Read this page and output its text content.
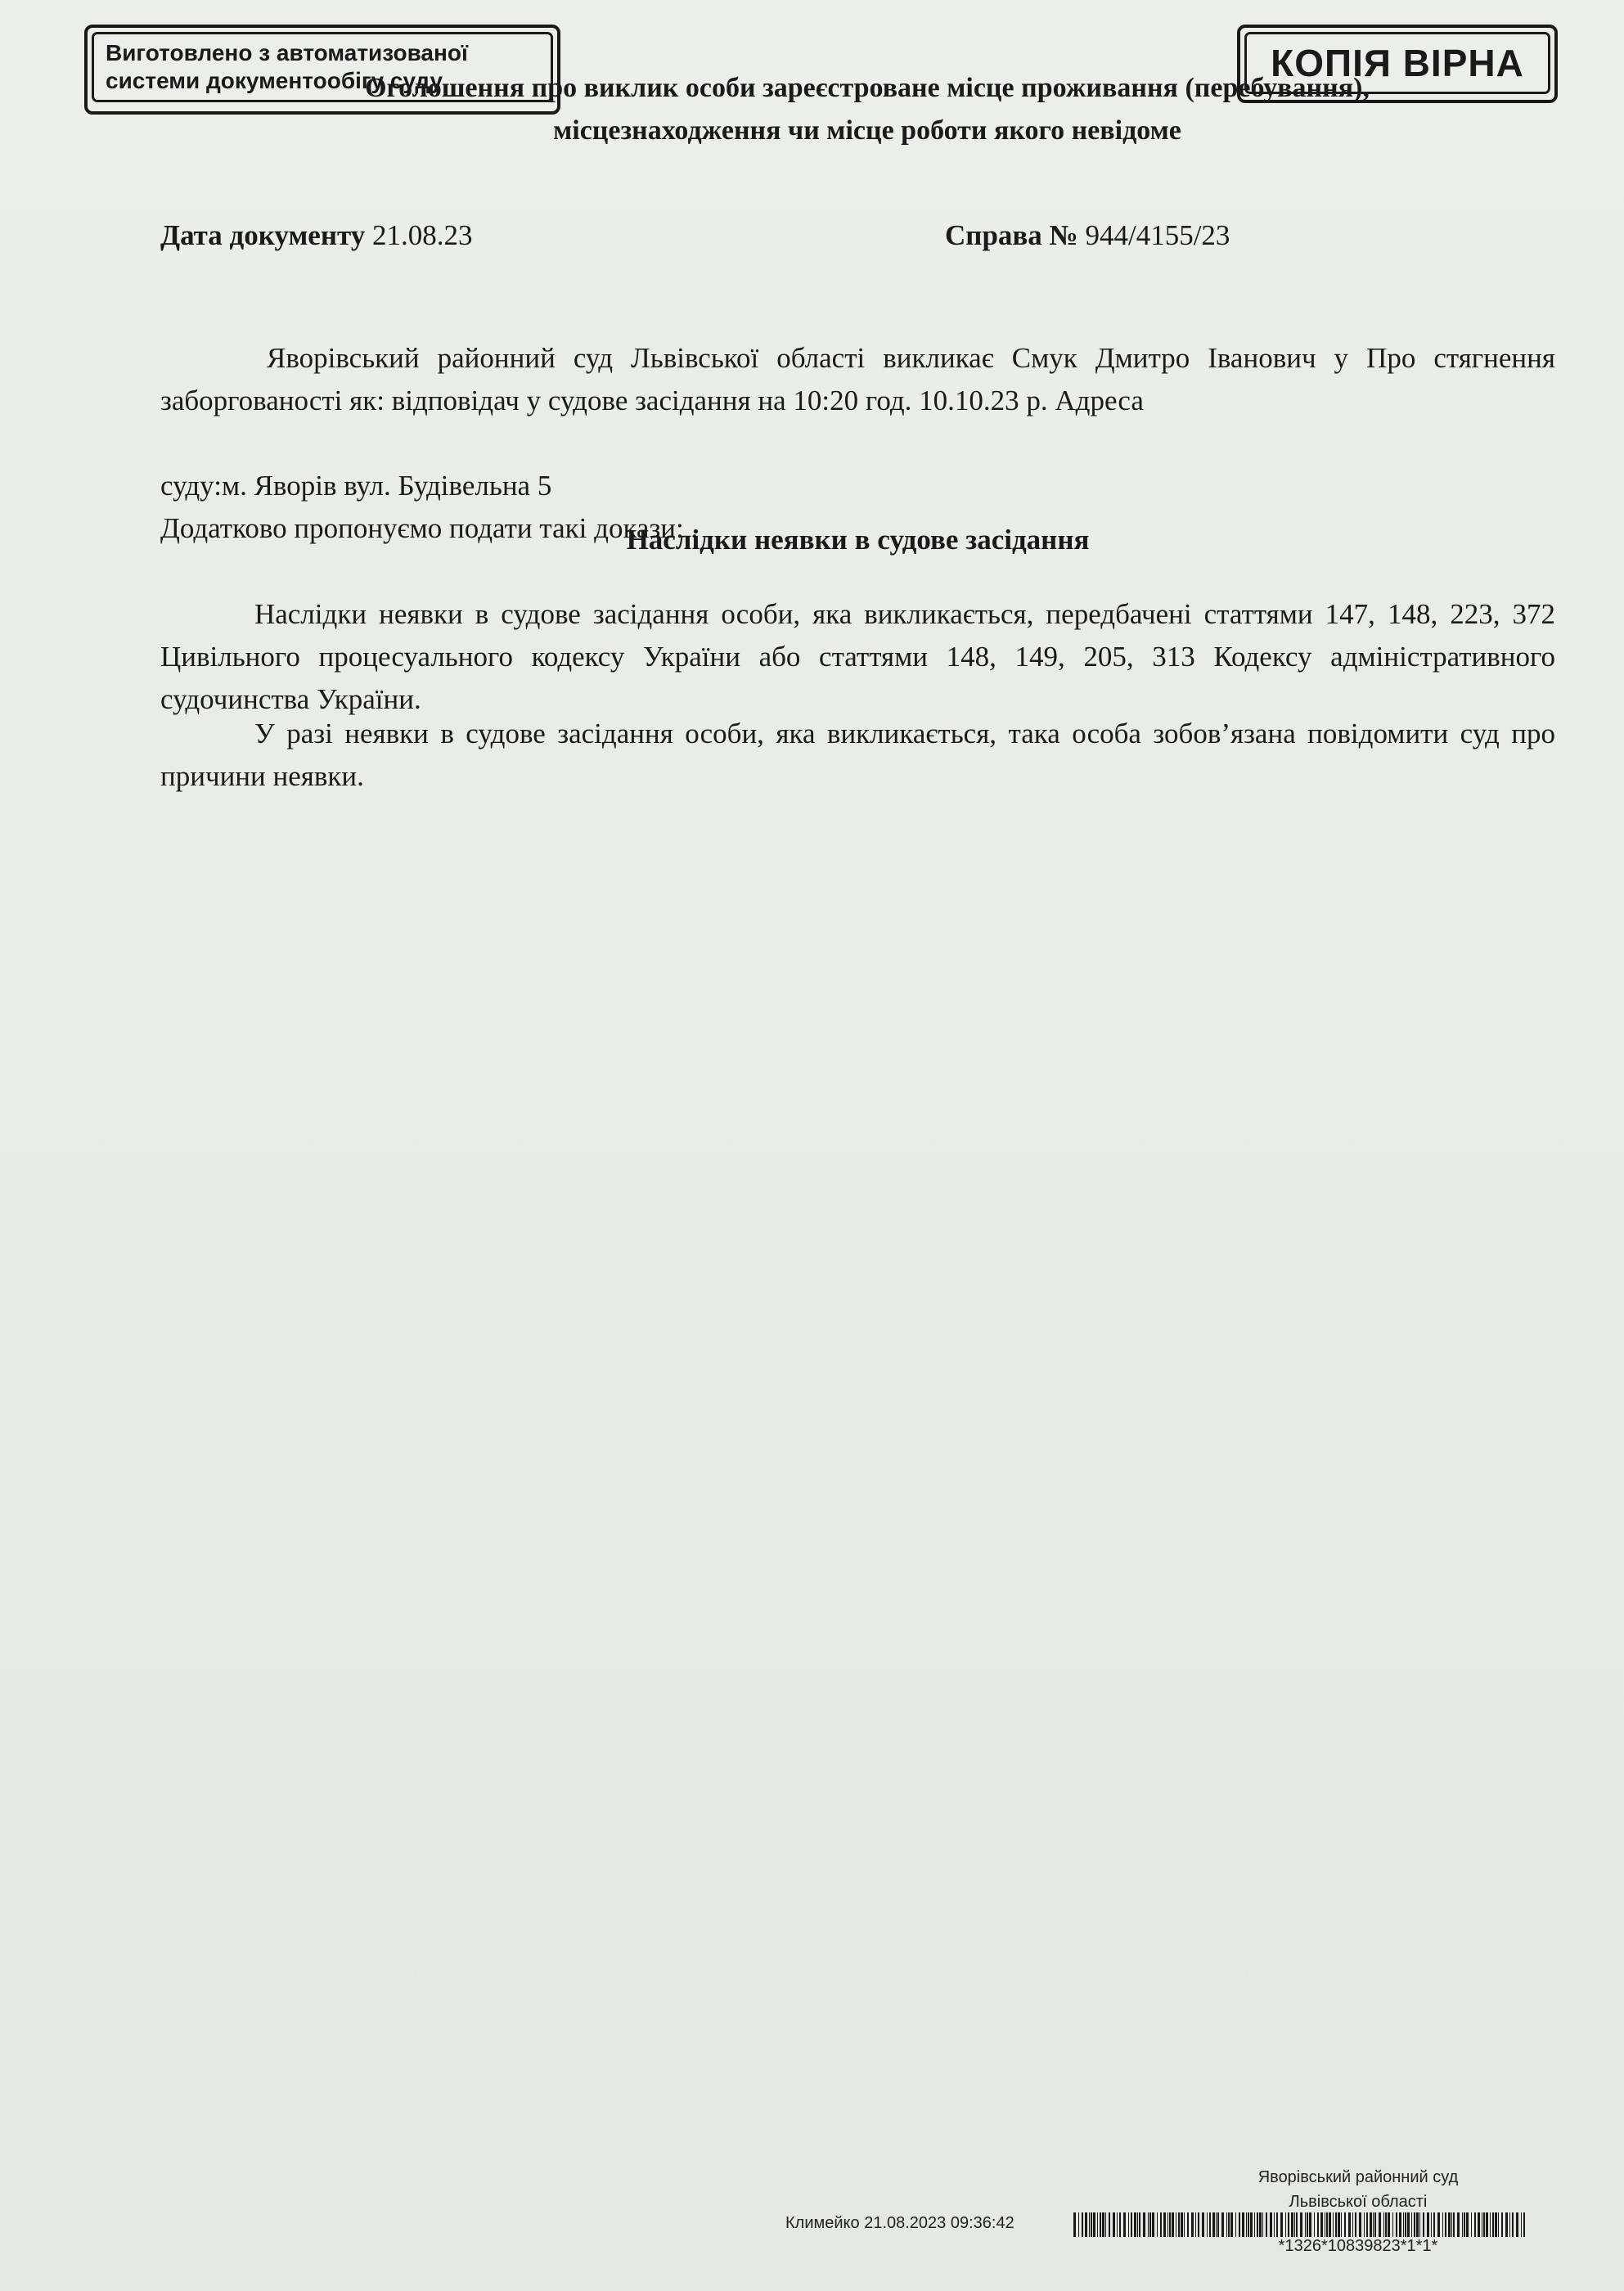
Виготовлено з автоматизованої
системи документообігу суду	КОПІЯ ВІРНА
Оголошення про виклик особи зареєстроване місце проживання (перебування),
місцезнаходження чи місце роботи якого невідоме
Дата документу 21.08.23	Справа № 944/4155/23
Яворівський районний суд Львівської області викликає Смук Дмитро Іванович у Про стягнення заборгованості як: відповідач у судове засідання на 10:20 год. 10.10.23 р. Адреса
суду:м. Яворів вул. Будівельна 5
Додатково пропонуємо подати такі докази: .
Наслідки неявки в судове засідання
Наслідки неявки в судове засідання особи, яка викликається, передбачені статтями 147, 148, 223, 372 Цивільного процесуального кодексу України або статтями 148, 149, 205, 313 Кодексу адміністративного судочинства України.
У разі неявки в судове засідання особи, яка викликається, така особа зобов’язана повідомити суд про причини неявки.
Яворівський районний суд
Львівської області
Климейко 21.08.2023 09:36:42
*1326*10839823*1*1*
